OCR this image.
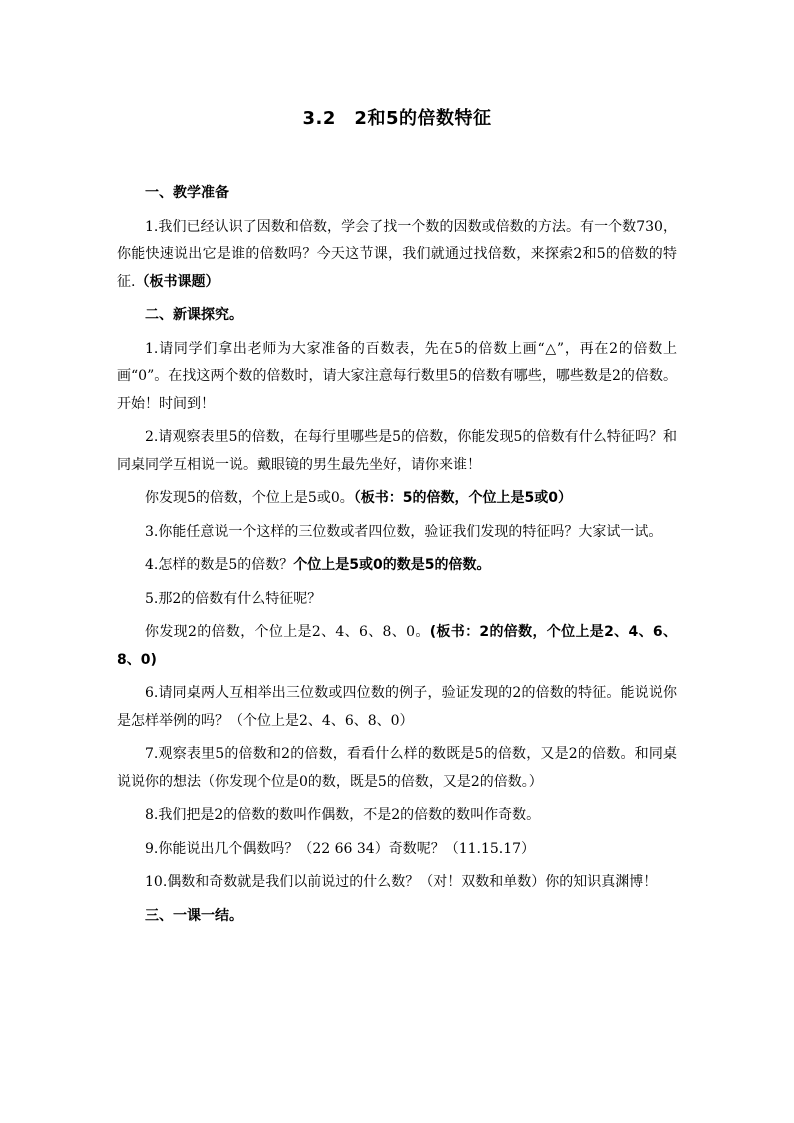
3.2　2和5的倍数特征

一、教学准备

1.我们已经认识了因数和倍数，学会了找一个数的因数或倍数的方法。有一个数730，你能快速说出它是谁的倍数吗？今天这节课，我们就通过找倍数，来探索2和5的倍数的特征.（板书课题）

二、新课探究。

1.请同学们拿出老师为大家准备的百数表，先在5的倍数上画“△”，再在2的倍数上画“0”。在找这两个数的倍数时，请大家注意每行数里5的倍数有哪些，哪些数是2的倍数。开始！时间到！

2.请观察表里5的倍数，在每行里哪些是5的倍数，你能发现5的倍数有什么特征吗？和同桌同学互相说一说。戴眼镜的男生最先坐好，请你来谁！

你发现5的倍数，个位上是5或0。（板书：5的倍数，个位上是5或0）

3.你能任意说一个这样的三位数或者四位数，验证我们发现的特征吗？大家试一试。

4.怎样的数是5的倍数？个位上是5或0的数是5的倍数。

5.那2的倍数有什么特征呢？

你发现2的倍数，个位上是2、4、6、8、0。(板书：2的倍数，个位上是2、4、6、8、0)

6.请同桌两人互相举出三位数或四位数的例子，验证发现的2的倍数的特征。能说说你是怎样举例的吗？（个位上是2、4、6、8、0）

7.观察表里5的倍数和2的倍数，看看什么样的数既是5的倍数，又是2的倍数。和同桌说说你的想法（你发现个位是0的数，既是5的倍数，又是2的倍数。）

8.我们把是2的倍数的数叫作偶数，不是2的倍数的数叫作奇数。

9.你能说出几个偶数吗？（22 66 34）奇数呢？（11.15.17）

10.偶数和奇数就是我们以前说过的什么数？（对！双数和单数）你的知识真渊博！

三、一课一结。
